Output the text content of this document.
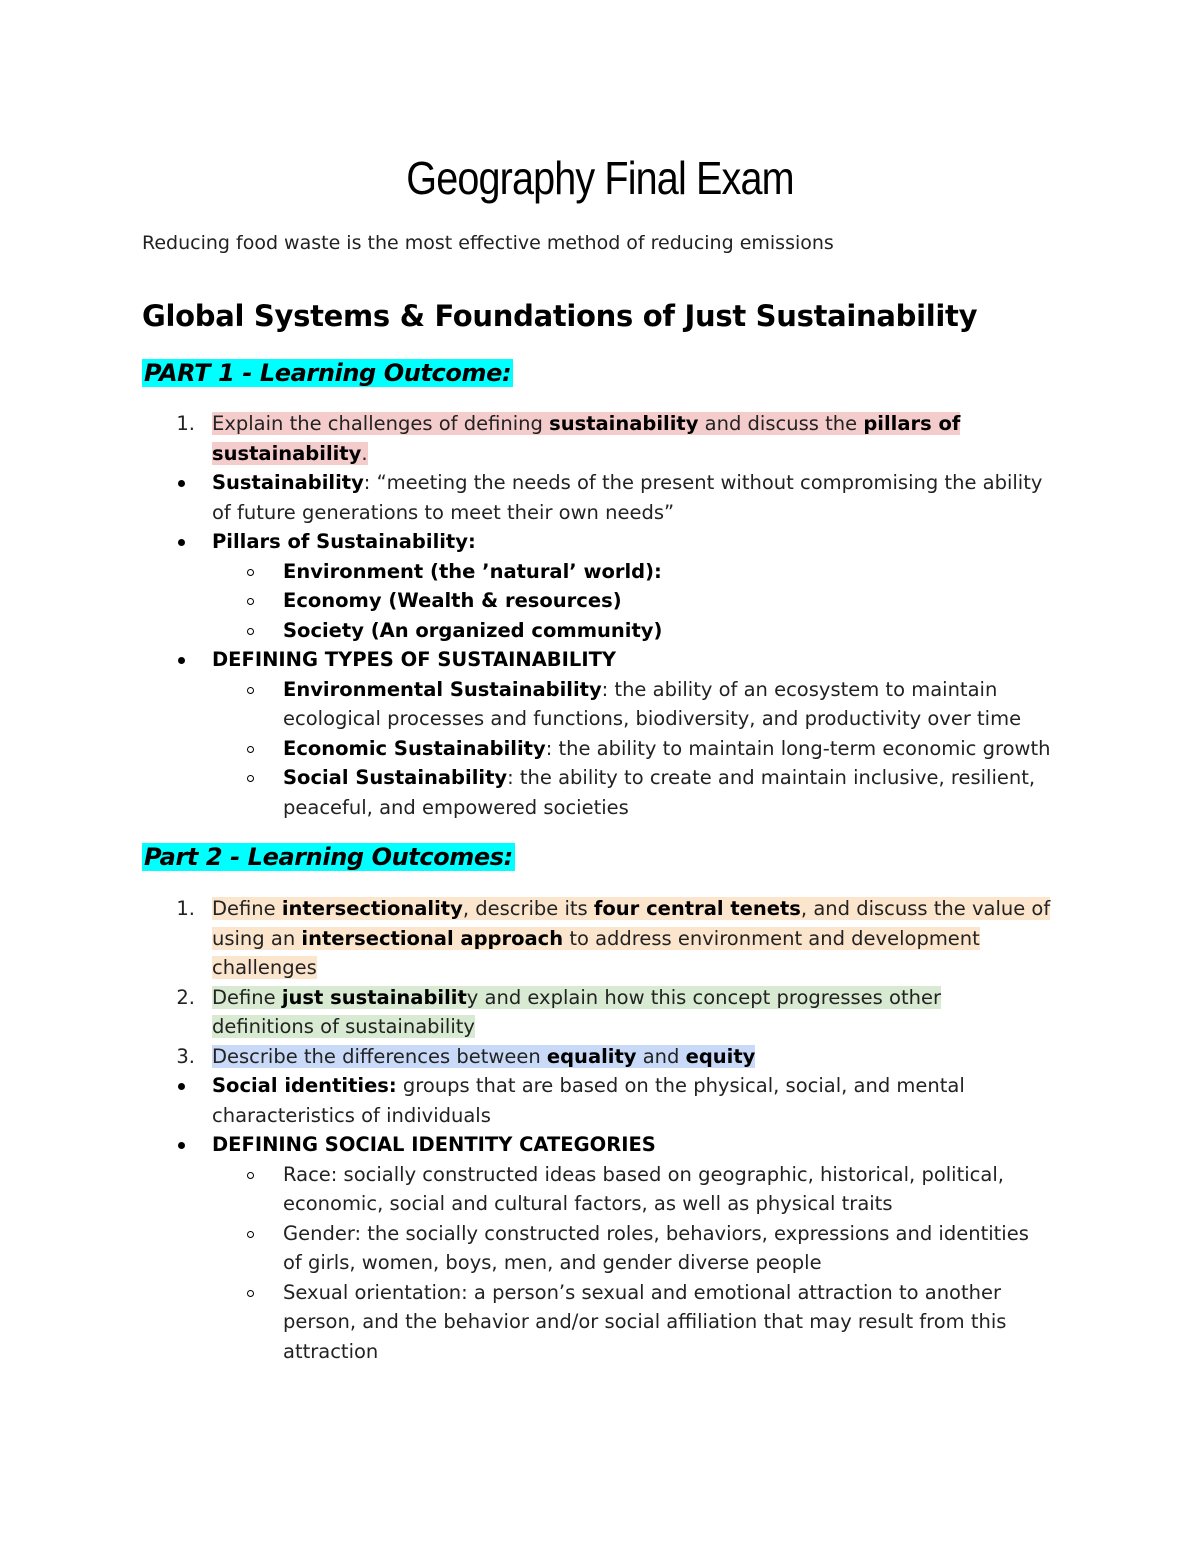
Geography Final Exam
Reducing food waste is the most effective method of reducing emissions
Global Systems & Foundations of Just Sustainability
PART 1 - Learning Outcome:
1. Explain the challenges of defining sustainability and discuss the pillars of
sustainability.
Sustainability: “meeting the needs of the present without compromising the ability
of future generations to meet their own needs”
Pillars of Sustainability:
Environment (the ’natural’ world):
Economy (Wealth & resources)
Society (An organized community)
DEFINING TYPES OF SUSTAINABILITY
Environmental Sustainability: the ability of an ecosystem to maintain
ecological processes and functions, biodiversity, and productivity over time
Economic Sustainability: the ability to maintain long-term economic growth
Social Sustainability: the ability to create and maintain inclusive, resilient,
peaceful, and empowered societies
Part 2 - Learning Outcomes:
1. Define intersectionality, describe its four central tenets, and discuss the value of
using an intersectional approach to address environment and development
challenges
2. Define just sustainability and explain how this concept progresses other
definitions of sustainability
3. Describe the differences between equality and equity
Social identities: groups that are based on the physical, social, and mental
characteristics of individuals
DEFINING SOCIAL IDENTITY CATEGORIES
Race: socially constructed ideas based on geographic, historical, political,
economic, social and cultural factors, as well as physical traits
Gender: the socially constructed roles, behaviors, expressions and identities
of girls, women, boys, men, and gender diverse people
Sexual orientation: a person’s sexual and emotional attraction to another
person, and the behavior and/or social affiliation that may result from this
attraction
